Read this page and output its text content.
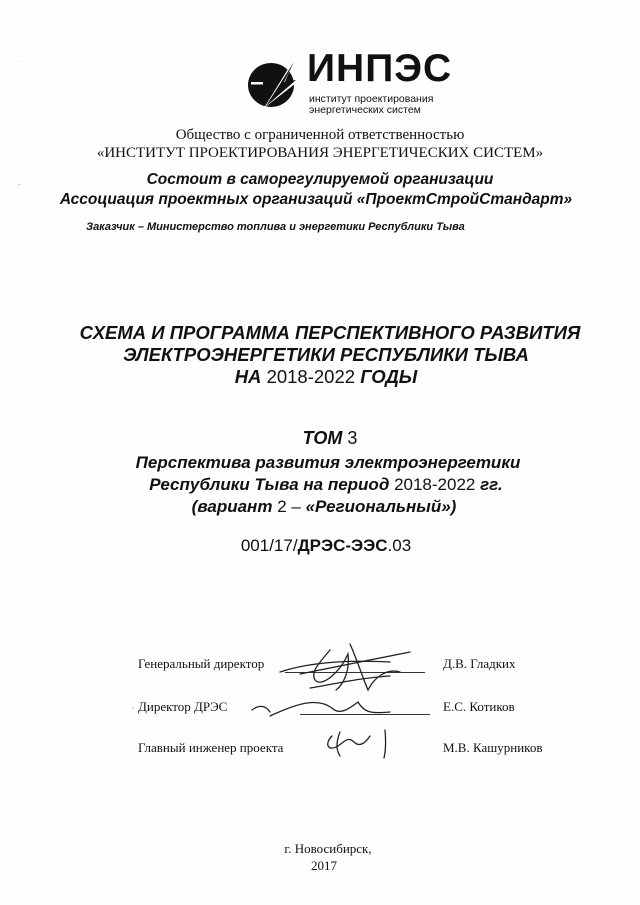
ИНПЭС
институт проектирования
энергетических систем
Общество с ограниченной ответственностью
«ИНСТИТУТ ПРОЕКТИРОВАНИЯ ЭНЕРГЕТИЧЕСКИХ СИСТЕМ»
Состоит в саморегулируемой организации
Ассоциация проектных организаций «ПроектСтройСтандарт»
Заказчик – Министерство топлива и энергетики Республики Тыва
СХЕМА И ПРОГРАММА ПЕРСПЕКТИВНОГО РАЗВИТИЯ
ЭЛЕКТРОЭНЕРГЕТИКИ РЕСПУБЛИКИ ТЫВА
НА 2018-2022 ГОДЫ
ТОМ 3
Перспектива развития электроэнергетики
Республики Тыва на период 2018-2022 гг.
(вариант 2 – «Региональный»)
001/17/ДРЭС-ЭЭС.03
Генеральный директор	Д.В. Гладких
Директор ДРЭС	Е.С. Котиков
Главный инженер проекта	М.В. Кашурников
г. Новосибирск,
2017
.
-
,
